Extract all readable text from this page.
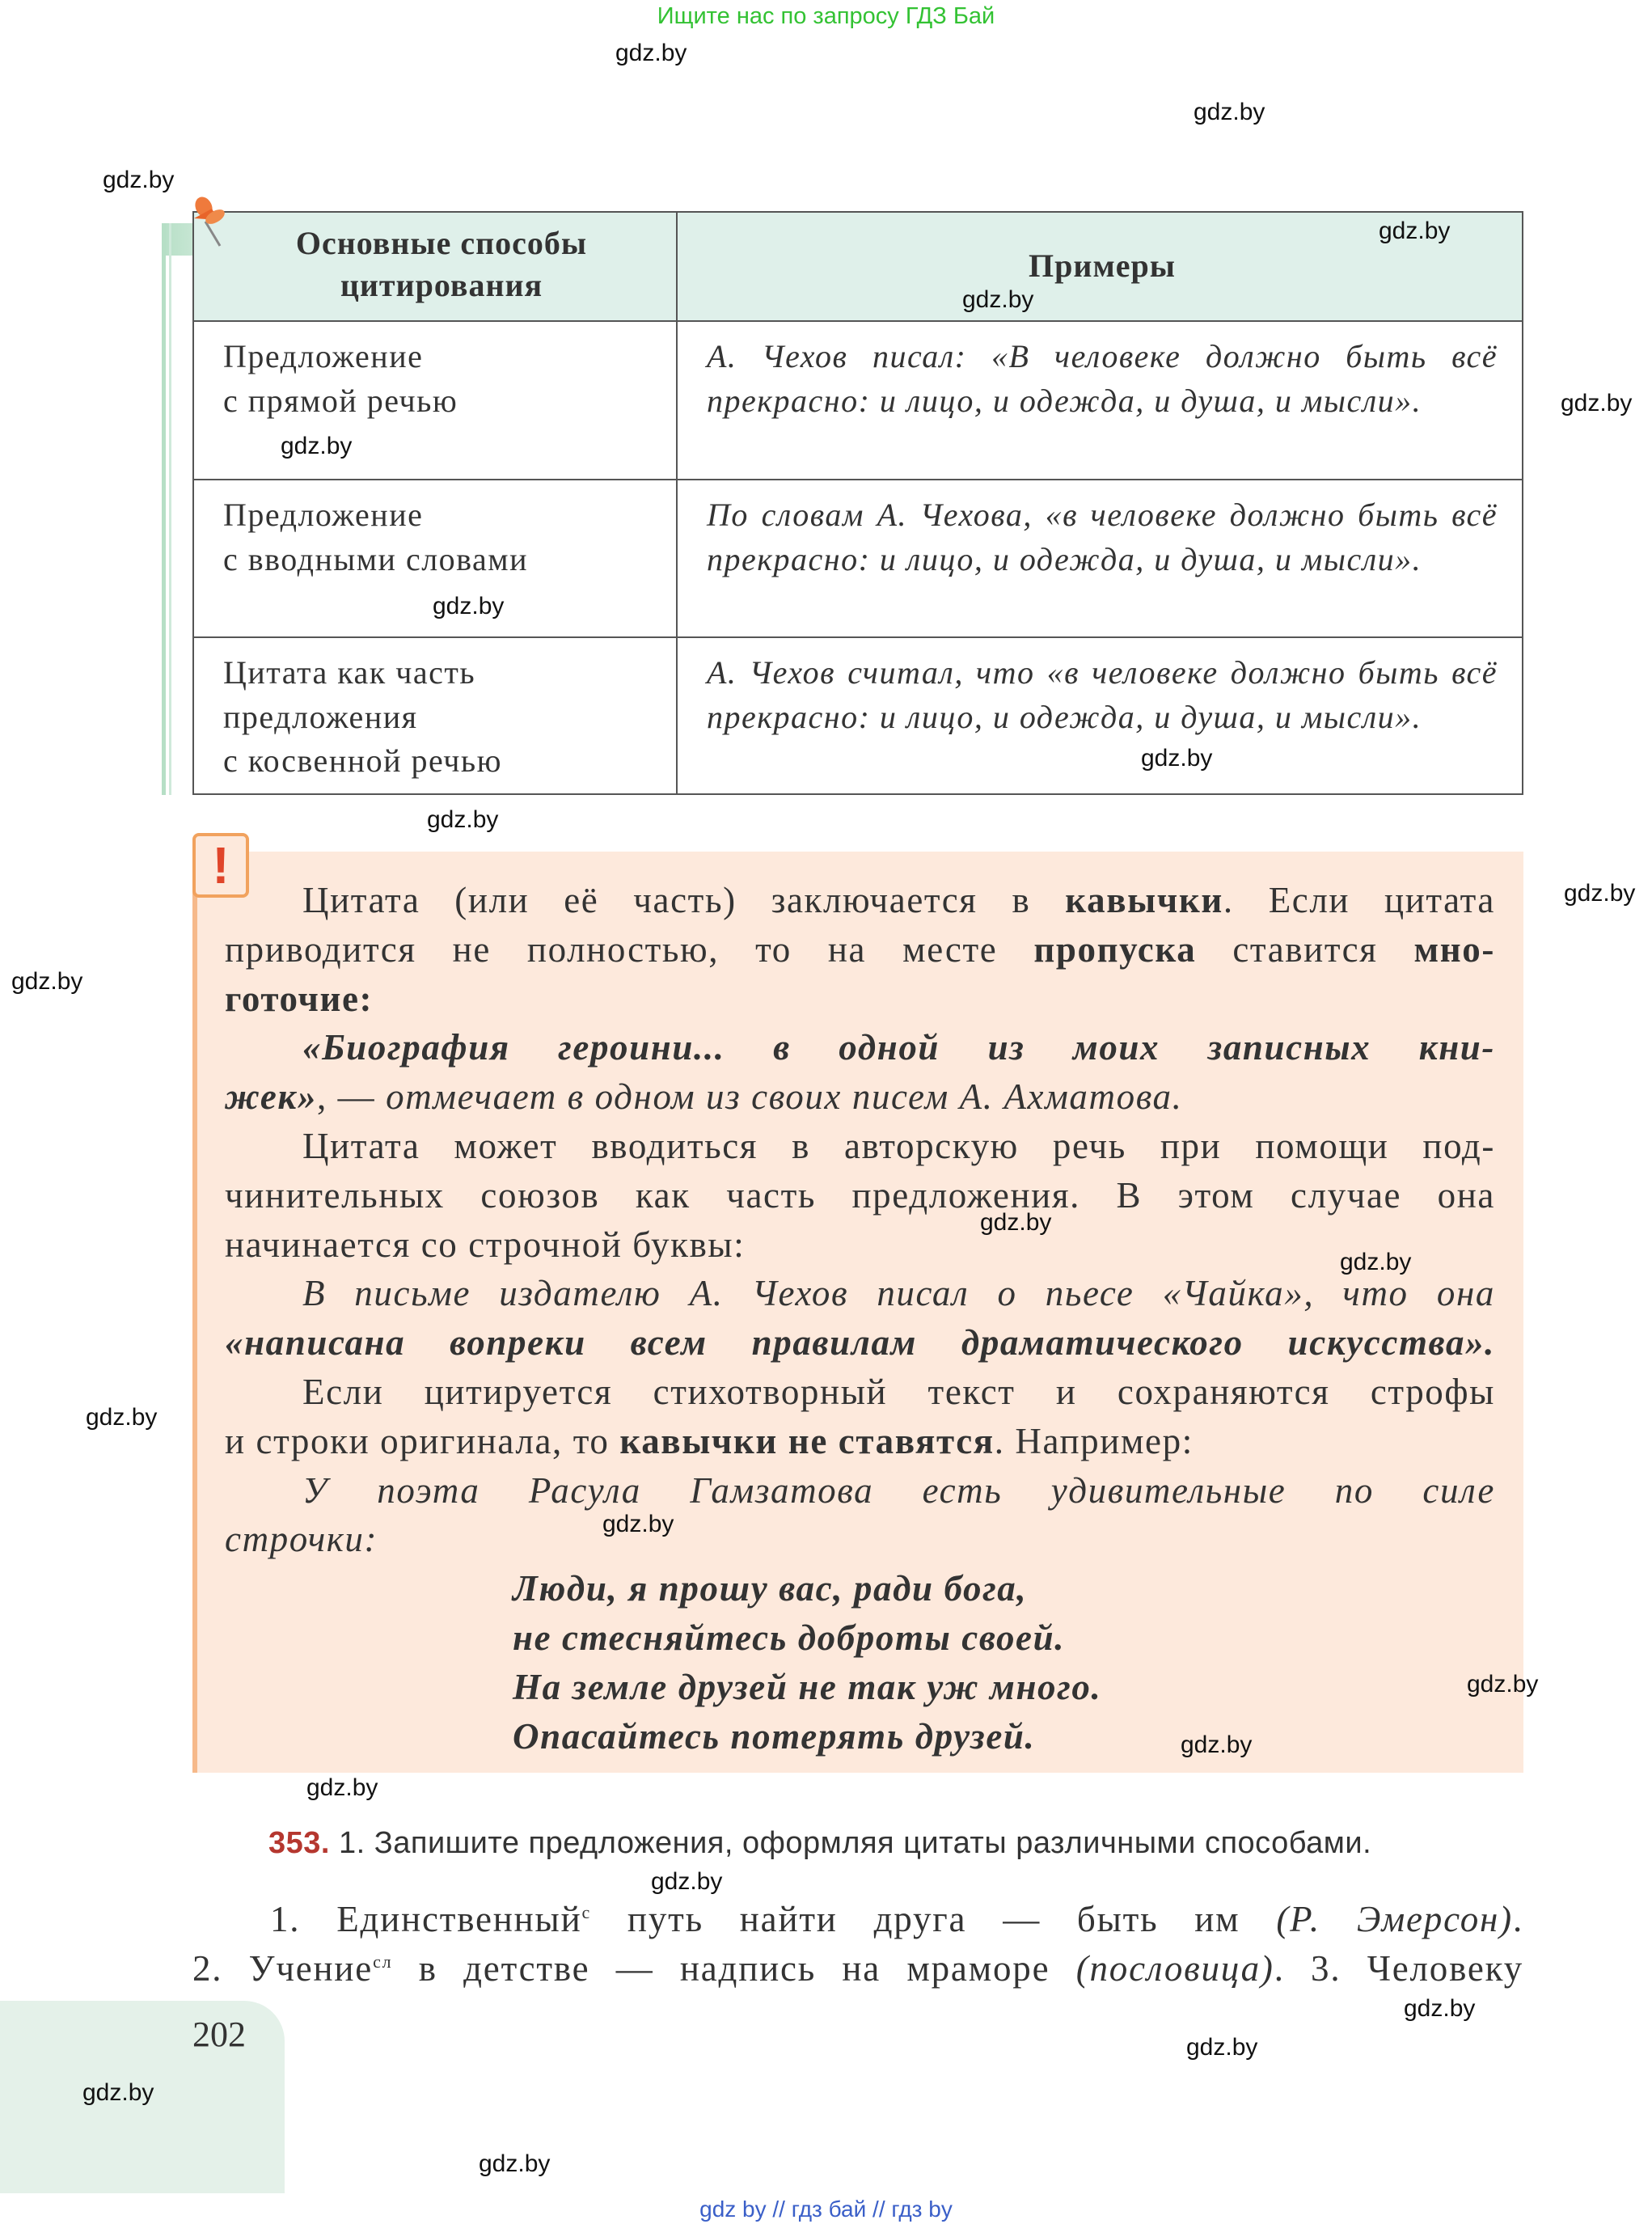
Ищите нас по запросу ГДЗ Бай
Основные способы цитирования
Примеры
Предложение
с прямой речью
А. Чехов писал: «В человеке должно быть всё прекрасно: и лицо, и одежда, и душа, и мысли».
Предложение
с вводными словами
По словам А. Чехова, «в человеке должно быть всё прекрасно: и лицо, и одежда, и душа, и мысли».
Цитата как часть
предложения
с косвенной речью
А. Чехов считал, что «в человеке должно быть всё прекрасно: и лицо, и одежда, и душа, и мысли».
!
Цитата (или её часть) заключается в кавычки. Если цитата
приводится не полностью, то на месте пропуска ставится мно-
готочие:
«Биография героини... в одной из моих записных кни-
жек», — отмечает в одном из своих писем А. Ахматова.
Цитата может вводиться в авторскую речь при помощи под-
чинительных союзов как часть предложения. В этом случае она
начинается со строчной буквы:
В письме издателю А. Чехов писал о пьесе «Чайка», что она
«написана вопреки всем правилам драматического искусства».
Если цитируется стихотворный текст и сохраняются строфы
и строки оригинала, то кавычки не ставятся. Например:
У поэта Расула Гамзатова есть удивительные по силе
строчки:
Люди, я прошу вас, ради бога,
не стесняйтесь доброты своей.
На земле друзей не так уж много.
Опасайтесь потерять друзей.
353. 1. Запишите предложения, оформляя цитаты различными способами.
1. Единственный$^с$ путь найти друга — быть им (Р. Эмерсон).
2. Учение$^{сл}$ в детстве — надпись на мраморе (пословица). 3. Человеку
202
gdz by // гдз бай // гдз by
gdz.by
gdz.by
gdz.by
gdz.by
gdz.by
gdz.by
gdz.by
gdz.by
gdz.by
gdz.by
gdz.by
gdz.by
gdz.by
gdz.by
gdz.by
gdz.by
gdz.by
gdz.by
gdz.by
gdz.by
gdz.by
gdz.by
gdz.by
gdz.by
